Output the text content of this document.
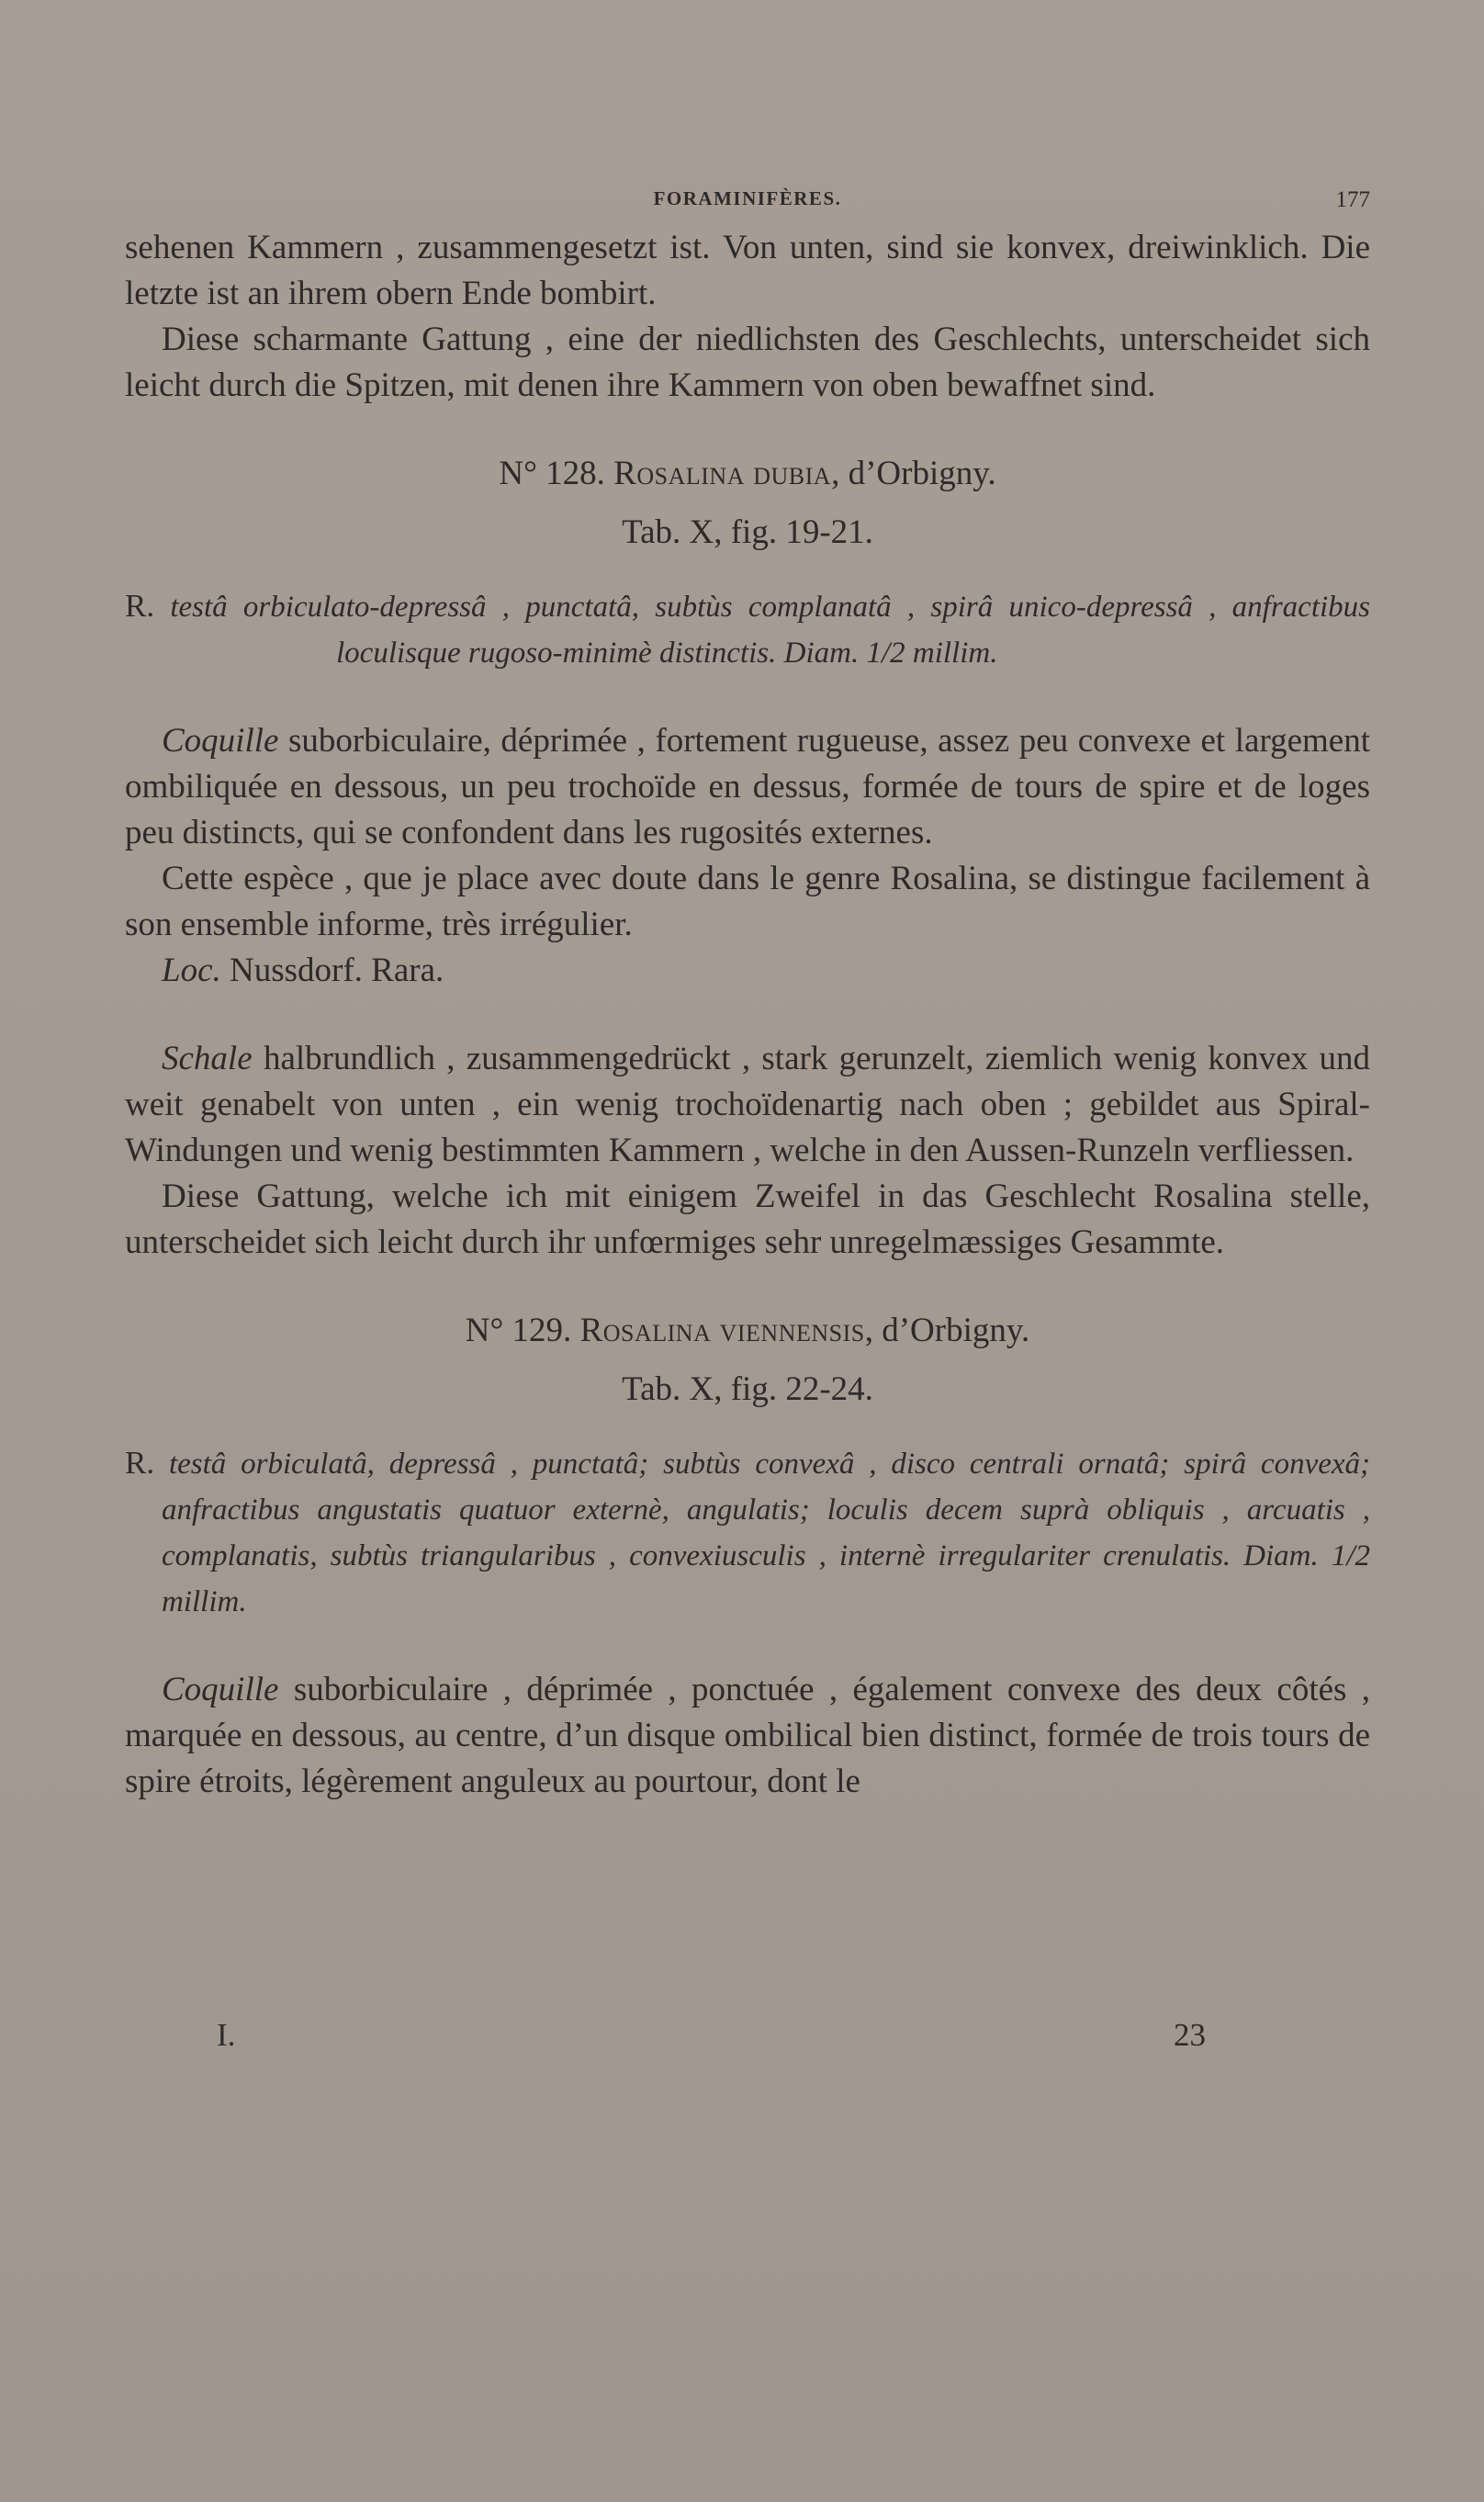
FORAMINIFÈRES.	177

sehenen Kammern , zusammengesetzt ist. Von unten, sind sie konvex, dreiwinklich. Die letzte ist an ihrem obern Ende bombirt.

Diese scharmante Gattung , eine der niedlichsten des Geschlechts, unterscheidet sich leicht durch die Spitzen, mit denen ihre Kammern von oben bewaffnet sind.

N° 128. Rosalina dubia, d’Orbigny.

Tab. X, fig. 19-21.

R. testâ orbiculato-depressâ , punctatâ, subtùs complanatâ , spirâ unico-depressâ , anfractibus loculisque rugoso-minimè distinctis. Diam. 1/2 millim.

Coquille suborbiculaire, déprimée , fortement rugueuse, assez peu convexe et largement ombiliquée en dessous, un peu trochoïde en dessus, formée de tours de spire et de loges peu distincts, qui se confondent dans les rugosités externes.

Cette espèce , que je place avec doute dans le genre Rosalina, se distingue facilement à son ensemble informe, très irrégulier.

Loc. Nussdorf. Rara.

Schale halbrundlich , zusammengedrückt , stark gerunzelt, ziemlich wenig konvex und weit genabelt von unten , ein wenig trochoïdenartig nach oben ; gebildet aus Spiral-Windungen und wenig bestimmten Kammern , welche in den Aussen-Runzeln verfliessen.

Diese Gattung, welche ich mit einigem Zweifel in das Geschlecht Rosalina stelle, unterscheidet sich leicht durch ihr unfœrmiges sehr unregelmæssiges Gesammte.

N° 129. Rosalina viennensis, d’Orbigny.

Tab. X, fig. 22-24.

R. testâ orbiculatâ, depressâ , punctatâ; subtùs convexâ , disco centrali ornatâ; spirâ convexâ; anfractibus angustatis quatuor externè, angulatis; loculis decem suprà obliquis , arcuatis , complanatis, subtùs triangularibus , convexiusculis , internè irregulariter crenulatis. Diam. 1/2 millim.

Coquille suborbiculaire , déprimée , ponctuée , également convexe des deux côtés , marquée en dessous, au centre, d’un disque ombilical bien distinct, formée de trois tours de spire étroits, légèrement anguleux au pourtour, dont le

I.	23
